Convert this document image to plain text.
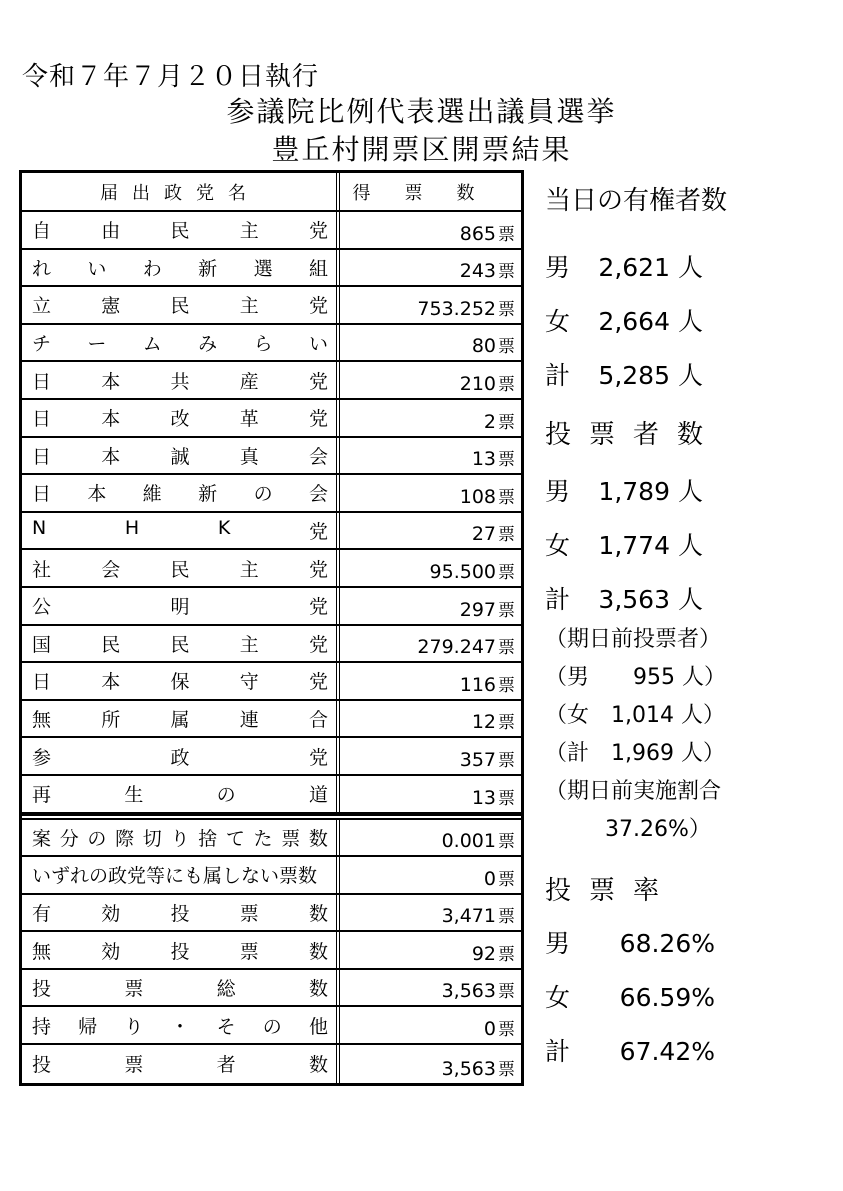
令和７年７月２０日執行
参議院比例代表選出議員選挙
豊丘村開票区開票結果
届出政党名	得票数
自	由	民	主	党	865 票
れ い わ 新 選 組	243 票
立	憲	民	主	党	753.252 票
チ ー ム み ら い	80 票
日	本	共	産	党	210 票
日	本	改	革	党	2 票
日	本	誠	真	会	13 票
日 本 維 新 の 会	108 票
N	H	K	党	27 票
社	会	民	主	党	95.500 票
公	明	党	297 票
国	民	民	主	党	279.247 票
日	本	保	守	党	116 票
無	所	属	連	合	12 票
参	政	党	357 票
再	生	の	道	13 票
案 分 の 際 切 り 捨 て た 票 数	0.001 票
いずれの政党等にも属しない票数	0 票
有	効	投	票	数	3,471 票
無	効	投	票	数	92 票
投	票	総	数	3,563 票
持 帰 り ・ そ の 他	0 票
投	票	者	数	3,563 票
当日の有権者数
男 2,621 人
女 2,664 人
計 5,285 人
投票者数
男 1,789 人
女 1,774 人
計 3,563 人
（期日前投票者）
（男　　955 人）
（女　1,014 人）
（計　1,969 人）
（期日前実施割合
37.26%）
投票率
男 68.26%
女 66.59%
計 67.42%
